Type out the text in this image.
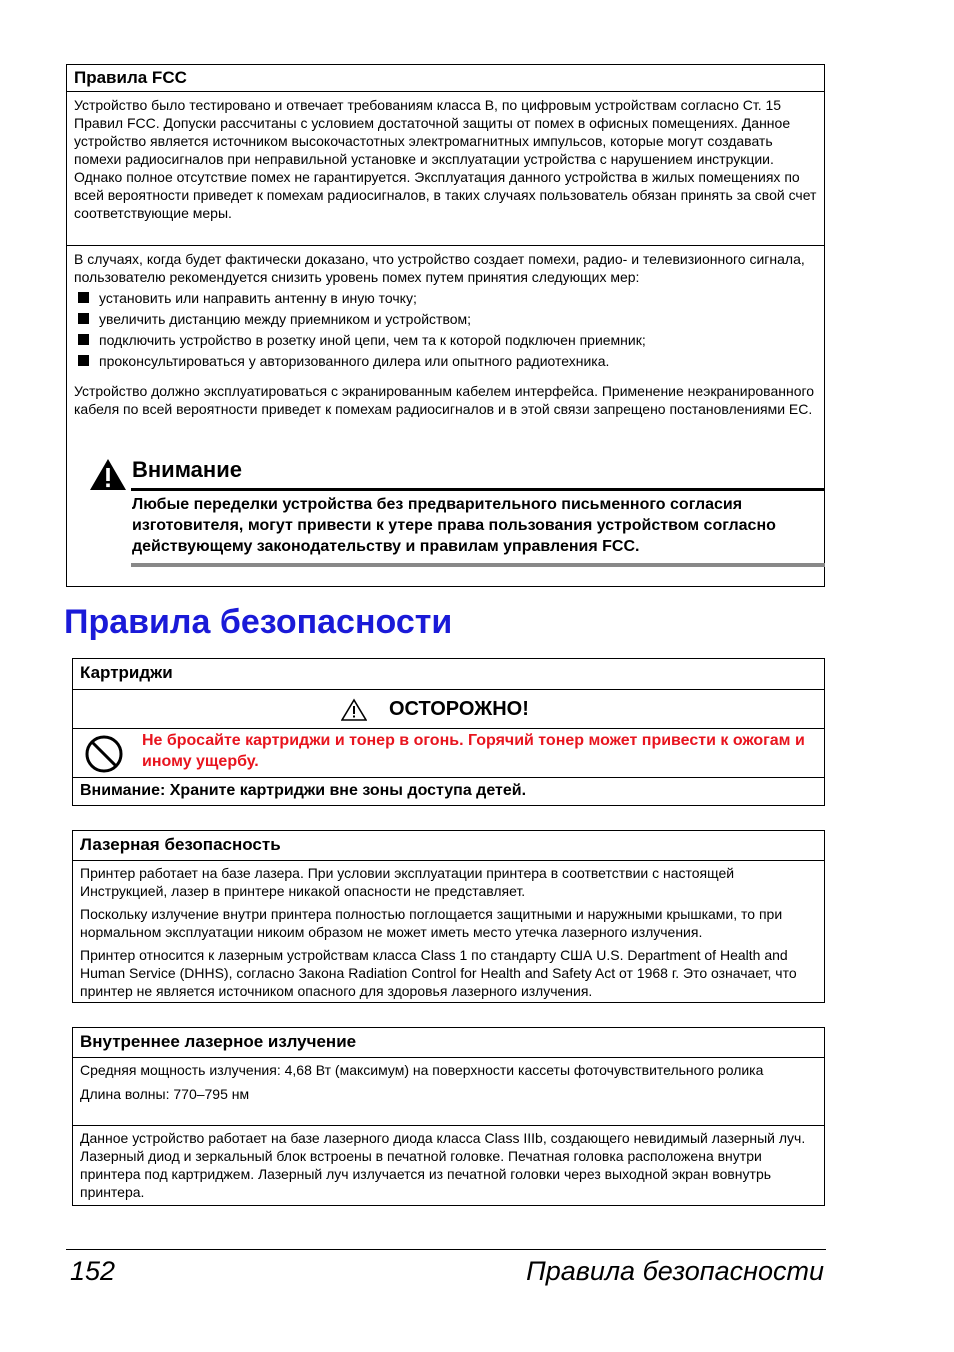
Правила FCC

Устройство было тестировано и отвечает требованиям класса B, по цифровым устройствам согласно Ст. 15 Правил FCC. Допуски рассчитаны с условием достаточной защиты от помех в офисных помещениях. Данное устройство является источником высокочастотных электромагнитных импульсов, которые могут создавать помехи радиосигналов при неправильной установке и эксплуатации устройства с нарушением инструкции. Однако полное отсутствие помех не гарантируется. Эксплуатация данного устройства в жилых помещениях по всей вероятности приведет к помехам радиосигналов, в таких случаях пользователь обязан принять за свой счет соответствующие меры.

В случаях, когда будет фактически доказано, что устройство создает помехи, радио- и телевизионного сигнала, пользователю рекомендуется снизить уровень помех путем принятия следующих мер:

установить или направить антенну в иную точку;
увеличить дистанцию между приемником и устройством;
подключить устройство в розетку иной цепи, чем та к которой подключен приемник;
проконсультироваться у авторизованного дилера или опытного радиотехника.

Устройство должно эксплуатироваться с экранированным кабелем интерфейса. Применение неэкранированного кабеля по всей вероятности приведет к помехам радиосигналов и в этой связи запрещено постановлениями ЕС.

Внимание
Любые переделки устройства без предварительного письменного согласия изготовителя, могут привести к утере права пользования устройством согласно действующему законодательству и правилам управления FCC.
Правила безопасности
Картриджи
ОСТОРОЖНО!
Не бросайте картриджи и тонер в огонь. Горячий тонер может привести к ожогам и иному ущербу.
Внимание: Храните картриджи вне зоны доступа детей.
Лазерная безопасность

Принтер работает на базе лазера. При условии эксплуатации принтера в соответствии с настоящей Инструкцией, лазер в принтере никакой опасности не представляет.

Поскольку излучение внутри принтера полностью поглощается защитными и наружными крышками, то при нормальном эксплуатации никоим образом не может иметь место утечка лазерного излучения.

Принтер относится к лазерным устройствам класса Class 1 по стандарту США U.S. Department of Health and Human Service (DHHS), согласно Закона Radiation Control for Health and Safety Act от 1968 г. Это означает, что принтер не является источником опасного для здоровья лазерного излучения.

Внутреннее лазерное излучение

Средняя мощность излучения: 4,68 Вт (максимум) на поверхности кассеты фоточувствительного ролика

Длина волны: 770–795 нм

Данное устройство работает на базе лазерного диода класса Class IIIb, создающего невидимый лазерный луч. Лазерный диод и зеркальный блок встроены в печатной головке. Печатная головка расположена внутри принтера под картриджем. Лазерный луч излучается из печатной головки через выходной экран вовнутрь принтера.

152	Правила безопасности
